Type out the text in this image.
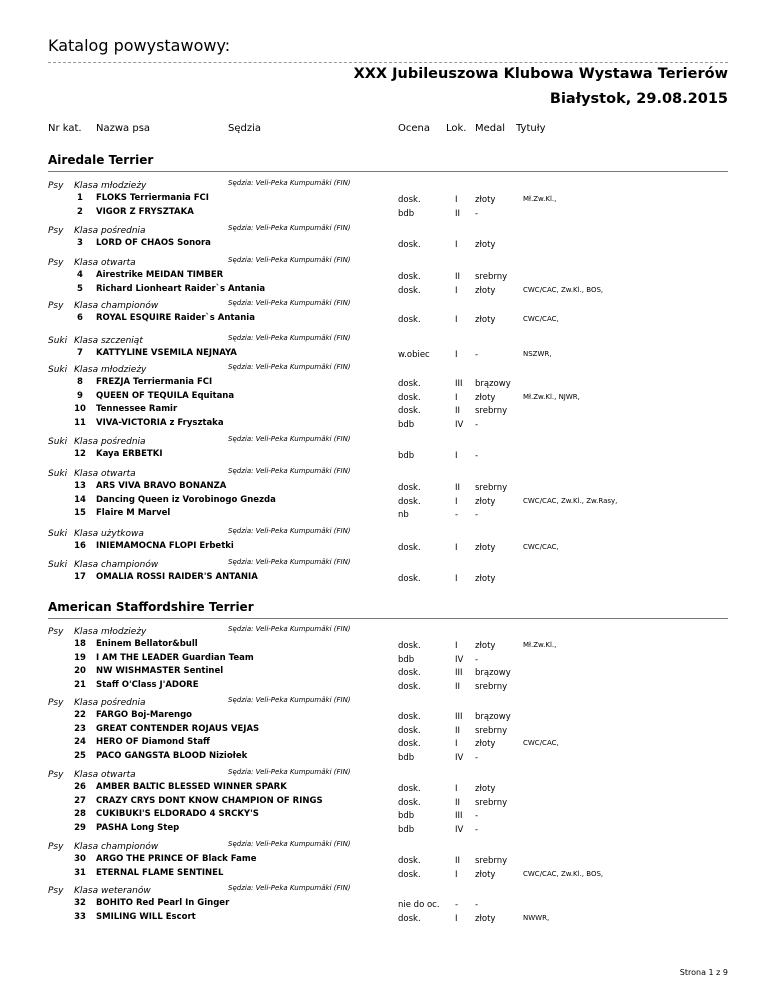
Katalog powystawowy:
XXX Jubileuszowa Klubowa Wystawa Terierów
Białystok, 29.08.2015
Nr kat. Nazwa psa	Sędzia	Ocena Lok. Medal Tytuły
Airedale Terrier
Psy Klasa młodzieży	Sędzia: Veli-Peka Kumpumäki (FIN)
1	FLOKS Terriermania FCI	dosk.	I złoty	Mł.Zw.Kl.,
2	VIGOR Z FRYSZTAKA	bdb	II -
Psy Klasa pośrednia	Sędzia: Veli-Peka Kumpumäki (FIN)
3	LORD OF CHAOS Sonora	dosk.	I złoty
Psy Klasa otwarta	Sędzia: Veli-Peka Kumpumäki (FIN)
4	Airestrike MEIDAN TIMBER	dosk.	II srebrny
5	Richard Lionheart Raider`s Antania	dosk.	I złoty	CWC/CAC, Zw.Kl., BOS,
Psy Klasa championów	Sędzia: Veli-Peka Kumpumäki (FIN)
6	ROYAL ESQUIRE Raider`s Antania	dosk.	I złoty	CWC/CAC,
Suki Klasa szczeniąt	Sędzia: Veli-Peka Kumpumäki (FIN)
7	KATTYLINE VSEMILA NEJNAYA	w.obiec	I -	NSZWR,
Suki Klasa młodzieży	Sędzia: Veli-Peka Kumpumäki (FIN)
8	FREZJA Terriermania FCI	dosk.	III brązowy
9	QUEEN OF TEQUILA Equitana	dosk.	I złoty	Mł.Zw.Kl., NJWR,
10 Tennessee Ramir	dosk.	II srebrny
11 VIVA-VICTORIA z Frysztaka	bdb	IV -
Suki Klasa pośrednia	Sędzia: Veli-Peka Kumpumäki (FIN)
12 Kaya ERBETKI	bdb	I -
Suki Klasa otwarta	Sędzia: Veli-Peka Kumpumäki (FIN)
13 ARS VIVA BRAVO BONANZA	dosk.	II srebrny
14 Dancing Queen iz Vorobinogo Gnezda	dosk.	I złoty	CWC/CAC, Zw.Kl., Zw.Rasy,
15 Flaire M Marvel	nb	- -
Suki Klasa użytkowa	Sędzia: Veli-Peka Kumpumäki (FIN)
16 INIEMAMOCNA FLOPI Erbetki	dosk.	I złoty	CWC/CAC,
Suki Klasa championów	Sędzia: Veli-Peka Kumpumäki (FIN)
17 OMALIA ROSSI RAIDER'S ANTANIA	dosk.	I złoty
American Staffordshire Terrier
Psy Klasa młodzieży	Sędzia: Veli-Peka Kumpumäki (FIN)
18 Eninem Bellator&bull	dosk.	I złoty	Mł.Zw.Kl.,
19 I AM THE LEADER Guardian Team	bdb	IV -
20 NW WISHMASTER Sentinel	dosk.	III brązowy
21 Staff O'Class J'ADORE	dosk.	II srebrny
Psy Klasa pośrednia	Sędzia: Veli-Peka Kumpumäki (FIN)
22 FARGO Boj-Marengo	dosk.	III brązowy
23 GREAT CONTENDER ROJAUS VEJAS	dosk.	II srebrny
24 HERO OF Diamond Staff	dosk.	I złoty	CWC/CAC,
25 PACO GANGSTA BLOOD Niziołek	bdb	IV -
Psy Klasa otwarta	Sędzia: Veli-Peka Kumpumäki (FIN)
26 AMBER BALTIC BLESSED WINNER SPARK	dosk.	I złoty
27 CRAZY CRYS DONT KNOW CHAMPION OF RINGS	dosk.	II srebrny
28 CUKIBUKI'S ELDORADO 4 SRCKY'S	bdb	III -
29 PASHA Long Step	bdb	IV -
Psy Klasa championów	Sędzia: Veli-Peka Kumpumäki (FIN)
30 ARGO THE PRINCE OF Black Fame	dosk.	II srebrny
31 ETERNAL FLAME SENTINEL	dosk.	I złoty	CWC/CAC, Zw.Kl., BOS,
Psy Klasa weteranów	Sędzia: Veli-Peka Kumpumäki (FIN)
32 BOHITO Red Pearl In Ginger	nie do oc. - -
33 SMILING WILL Escort	dosk.	I złoty	NWWR,
Strona 1 z 9
